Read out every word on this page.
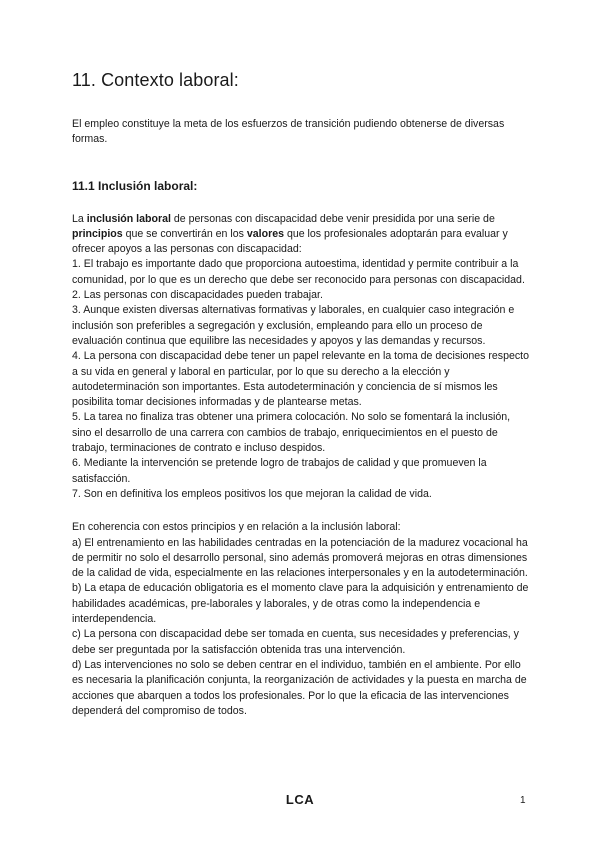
11. Contexto laboral:

El empleo constituye la meta de los esfuerzos de transición pudiendo obtenerse de diversas formas.

11.1 Inclusión laboral:

La inclusión laboral de personas con discapacidad debe venir presidida por una serie de principios que se convertirán en los valores que los profesionales adoptarán para evaluar y ofrecer apoyos a las personas con discapacidad:

1. El trabajo es importante dado que proporciona autoestima, identidad y permite contribuir a la comunidad, por lo que es un derecho que debe ser reconocido para personas con discapacidad.

2. Las personas con discapacidades pueden trabajar.

3. Aunque existen diversas alternativas formativas y laborales, en cualquier caso integración e inclusión son preferibles a segregación y exclusión, empleando para ello un proceso de evaluación continua que equilibre las necesidades y apoyos y las demandas y recursos.

4. La persona con discapacidad debe tener un papel relevante en la toma de decisiones respecto a su vida en general y laboral en particular, por lo que su derecho a la elección y autodeterminación son importantes. Esta autodeterminación y conciencia de sí mismos les posibilita tomar decisiones informadas y de plantearse metas.

5. La tarea no finaliza tras obtener una primera colocación. No solo se fomentará la inclusión, sino el desarrollo de una carrera con cambios de trabajo, enriquecimientos en el puesto de trabajo, terminaciones de contrato e incluso despidos.

6. Mediante la intervención se pretende logro de trabajos de calidad y que promueven la satisfacción.

7. Son en definitiva los empleos positivos los que mejoran la calidad de vida.

En coherencia con estos principios y en relación a la inclusión laboral:

a) El entrenamiento en las habilidades centradas en la potenciación de la madurez vocacional ha de permitir no solo el desarrollo personal, sino además promoverá mejoras en otras dimensiones de la calidad de vida, especialmente en las relaciones interpersonales y en la autodeterminación.

b) La etapa de educación obligatoria es el momento clave para la adquisición y entrenamiento de habilidades académicas, pre-laborales y laborales, y de otras como la independencia e interdependencia.

c) La persona con discapacidad debe ser tomada en cuenta, sus necesidades y preferencias, y debe ser preguntada por la satisfacción obtenida tras una intervención.

d) Las intervenciones no solo se deben centrar en el individuo, también en el ambiente. Por ello es necesaria la planificación conjunta, la reorganización de actividades y la puesta en marcha de acciones que abarquen a todos los profesionales. Por lo que la eficacia de las intervenciones dependerá del compromiso de todos.

LCA	1
